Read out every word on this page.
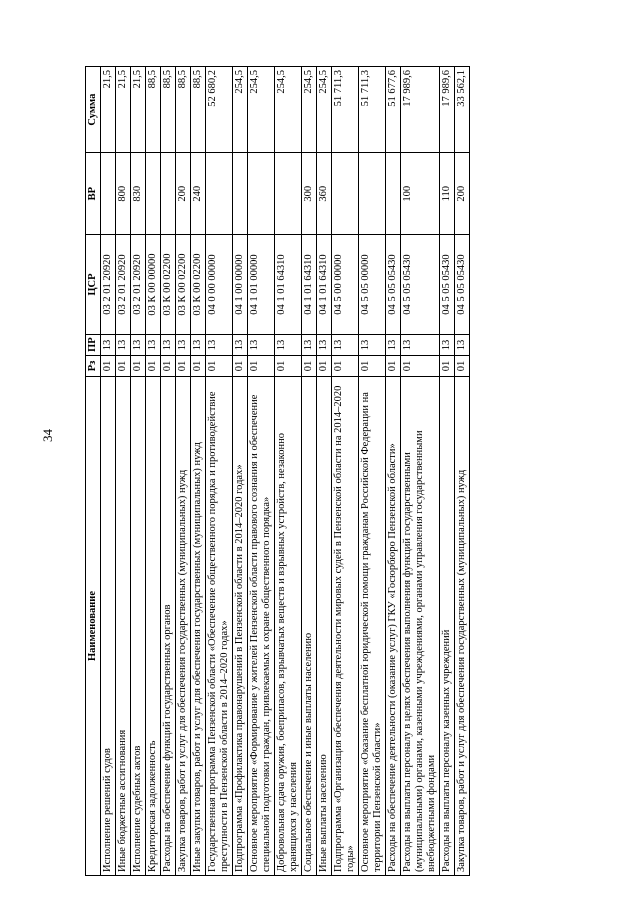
34
Наименование	Рз	ПР	ЦСР	ВР	Сумма
Исполнение решений судов	01	13	03 2 01 20920		21,5
Иные бюджетные ассигнования	01	13	03 2 01 20920	800	21,5
Исполнение судебных актов	01	13	03 2 01 20920	830	21,5
Кредиторская задолженность	01	13	03 К 00 00000		88,5
Расходы на обеспечение функций государственных органов	01	13	03 К 00 02200		88,5
Закупка товаров, работ и услуг для обеспечения государственных (муниципальных) нужд	01	13	03 К 00 02200	200	88,5
Иные закупки товаров, работ и услуг для обеспечения государственных (муниципальных) нужд	01	13	03 К 00 02200	240	88,5
Государственная программа Пензенской области «Обеспечение общественного порядка и противодействие преступности в Пензенской области в 2014–2020 годах»	01	13	04 0 00 00000		52 680,2
Подпрограмма «Профилактика правонарушений в Пензенской области в 2014–2020 годах»	01	13	04 1 00 00000		254,5
Основное мероприятие «Формирование у жителей Пензенской области правового сознания и обеспечение специальной подготовки граждан, привлекаемых к охране общественного порядка»	01	13	04 1 01 00000		254,5
Добровольная сдача оружия, боеприпасов, взрывчатых веществ и взрывных устройств, незаконно хранящихся у населения	01	13	04 1 01 64310		254,5
Социальное обеспечение и иные выплаты населению	01	13	04 1 01 64310	300	254,5
Иные выплаты населению	01	13	04 1 01 64310	360	254,5
Подпрограмма «Организация обеспечения деятельности мировых судей в Пензенской области на 2014–2020 годы»	01	13	04 5 00 00000		51 711,3
Основное мероприятие «Оказание бесплатной юридической помощи гражданам Российской Федерации на территории Пензенской области»	01	13	04 5 05 00000		51 711,3
Расходы на обеспечение деятельности (оказание услуг) ГКУ «Госюрбюро Пензенской области»	01	13	04 5 05 05430		51 677,6
Расходы на выплаты персоналу в целях обеспечения выполнения функций государственными (муниципальными) органами, казенными учреждениями, органами управления государственными внебюджетными фондами	01	13	04 5 05 05430	100	17 989,6
Расходы на выплаты персоналу казенных учреждений	01	13	04 5 05 05430	110	17 989,6
Закупка товаров, работ и услуг для обеспечения государственных (муниципальных) нужд	01	13	04 5 05 05430	200	33 562,1
